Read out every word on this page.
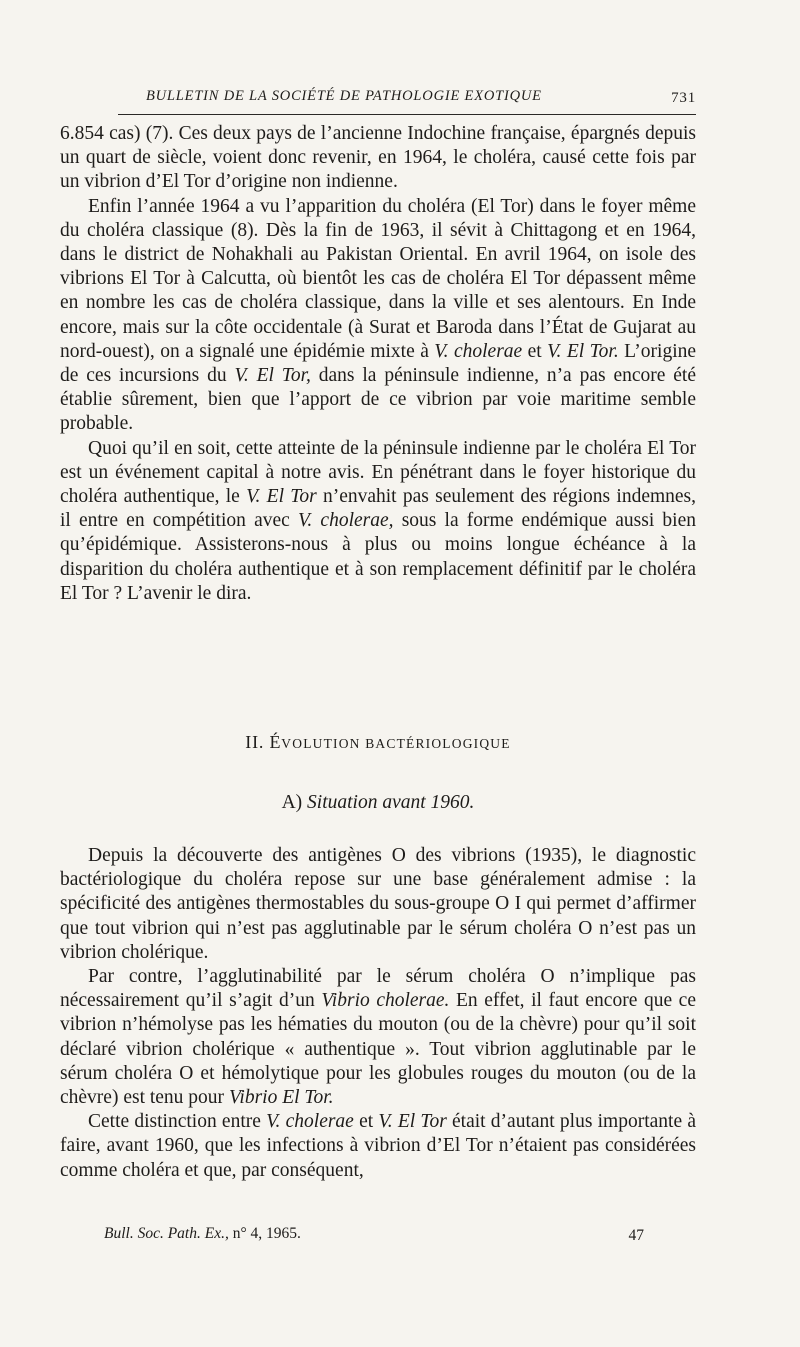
BULLETIN DE LA SOCIÉTÉ DE PATHOLOGIE EXOTIQUE	731

6.854 cas) (7). Ces deux pays de l’ancienne Indochine française, épargnés depuis un quart de siècle, voient donc revenir, en 1964, le choléra, causé cette fois par un vibrion d’El Tor d’origine non indienne.

Enfin l’année 1964 a vu l’apparition du choléra (El Tor) dans le foyer même du choléra classique (8). Dès la fin de 1963, il sévit à Chittagong et en 1964, dans le district de Nohakhali au Pakistan Oriental. En avril 1964, on isole des vibrions El Tor à Calcutta, où bientôt les cas de choléra El Tor dépassent même en nombre les cas de choléra classique, dans la ville et ses alentours. En Inde encore, mais sur la côte occidentale (à Surat et Baroda dans l’État de Gujarat au nord-ouest), on a signalé une épidémie mixte à V. cholerae et V. El Tor. L’origine de ces incursions du V. El Tor, dans la péninsule indienne, n’a pas encore été établie sûrement, bien que l’apport de ce vibrion par voie maritime semble probable.

Quoi qu’il en soit, cette atteinte de la péninsule indienne par le choléra El Tor est un événement capital à notre avis. En pénétrant dans le foyer historique du choléra authentique, le V. El Tor n’envahit pas seulement des régions indemnes, il entre en compétition avec V. cholerae, sous la forme endémique aussi bien qu’épidémique. Assisterons-nous à plus ou moins longue échéance à la disparition du choléra authentique et à son remplacement définitif par le choléra El Tor ? L’avenir le dira.

II. ÉVOLUTION BACTÉRIOLOGIQUE
A) Situation avant 1960.

Depuis la découverte des antigènes O des vibrions (1935), le diagnostic bactériologique du choléra repose sur une base généralement admise : la spécificité des antigènes thermostables du sous-groupe O I qui permet d’affirmer que tout vibrion qui n’est pas agglutinable par le sérum choléra O n’est pas un vibrion cholérique.

Par contre, l’agglutinabilité par le sérum choléra O n’implique pas nécessairement qu’il s’agit d’un Vibrio cholerae. En effet, il faut encore que ce vibrion n’hémolyse pas les hématies du mouton (ou de la chèvre) pour qu’il soit déclaré vibrion cholérique « authentique ». Tout vibrion agglutinable par le sérum choléra O et hémolytique pour les globules rouges du mouton (ou de la chèvre) est tenu pour Vibrio El Tor.

Cette distinction entre V. cholerae et V. El Tor était d’autant plus importante à faire, avant 1960, que les infections à vibrion d’El Tor n’étaient pas considérées comme choléra et que, par conséquent,

Bull. Soc. Path. Ex., n° 4, 1965.	47
